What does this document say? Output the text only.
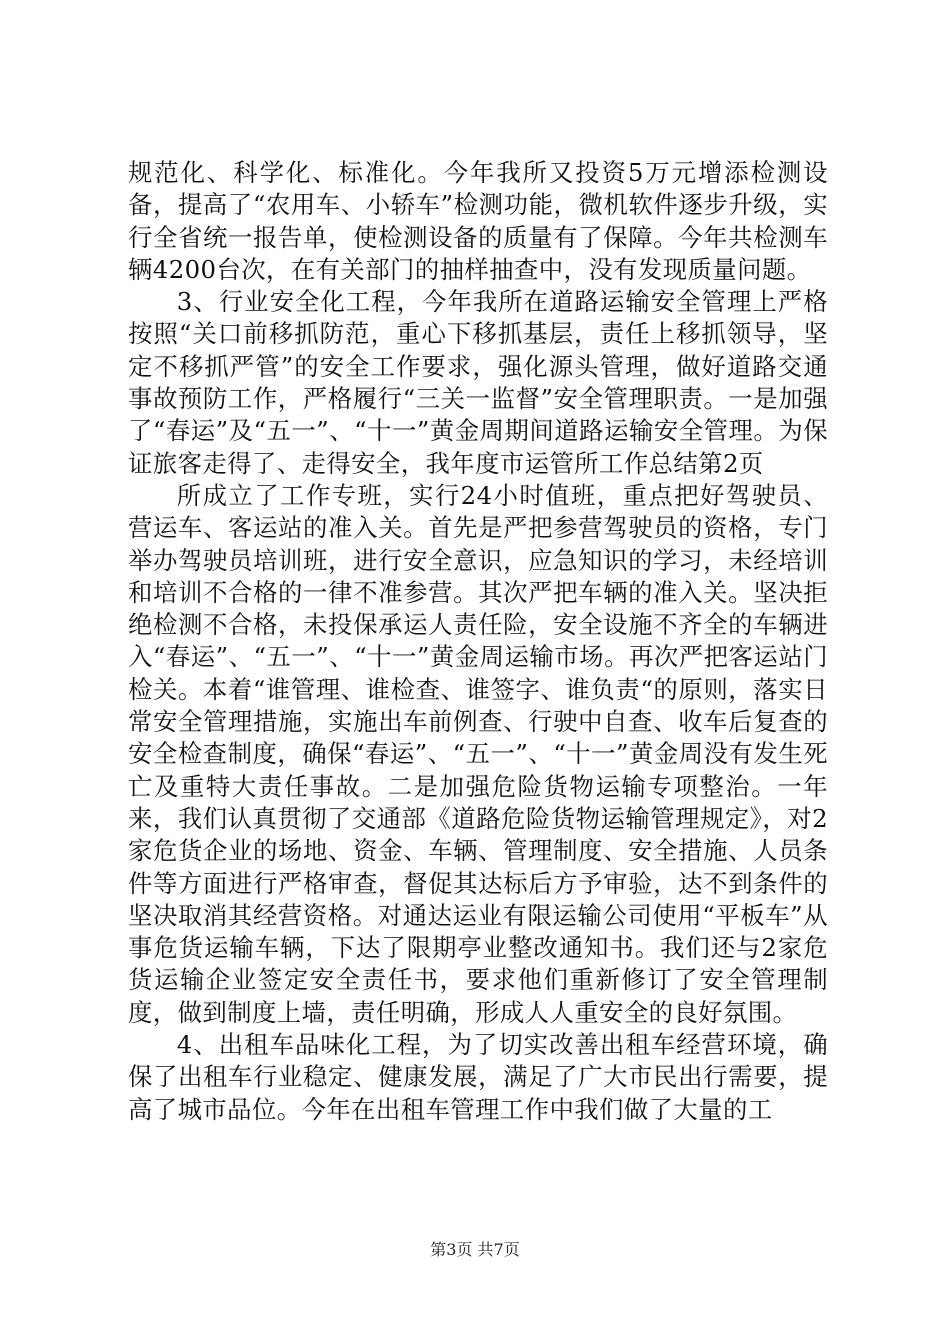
规范化、科学化、标准化。今年我所又投资5万元增添检测设备，提高了“农用车、小轿车”检测功能，微机软件逐步升级，实行全省统一报告单，使检测设备的质量有了保障。今年共检测车辆4200台次，在有关部门的抽样抽查中，没有发现质量问题。

3、行业安全化工程，今年我所在道路运输安全管理上严格按照“关口前移抓防范，重心下移抓基层，责任上移抓领导，坚定不移抓严管”的安全工作要求，强化源头管理，做好道路交通事故预防工作，严格履行“三关一监督”安全管理职责。一是加强了“春运”及“五一”、“十一”黄金周期间道路运输安全管理。为保证旅客走得了、走得安全，我年度市运管所工作总结第2页

所成立了工作专班，实行24小时值班，重点把好驾驶员、营运车、客运站的准入关。首先是严把参营驾驶员的资格，专门举办驾驶员培训班，进行安全意识，应急知识的学习，未经培训和培训不合格的一律不准参营。其次严把车辆的准入关。坚决拒绝检测不合格，未投保承运人责任险，安全设施不齐全的车辆进入“春运”、“五一”、“十一”黄金周运输市场。再次严把客运站门检关。本着“谁管理、谁检查、谁签字、谁负责“的原则，落实日常安全管理措施，实施出车前例查、行驶中自查、收车后复查的安全检查制度，确保“春运”、“五一”、“十一”黄金周没有发生死亡及重特大责任事故。二是加强危险货物运输专项整治。一年来，我们认真贯彻了交通部《道路危险货物运输管理规定》，对2家危货企业的场地、资金、车辆、管理制度、安全措施、人员条件等方面进行严格审查，督促其达标后方予审验，达不到条件的坚决取消其经营资格。对通达运业有限运输公司使用“平板车”从事危货运输车辆，下达了限期亭业整改通知书。我们还与2家危货运输企业签定安全责任书，要求他们重新修订了安全管理制度，做到制度上墙，责任明确，形成人人重安全的良好氛围。

4、出租车品味化工程，为了切实改善出租车经营环境，确保了出租车行业稳定、健康发展，满足了广大市民出行需要，提高了城市品位。今年在出租车管理工作中我们做了大量的工

第3页 共7页
